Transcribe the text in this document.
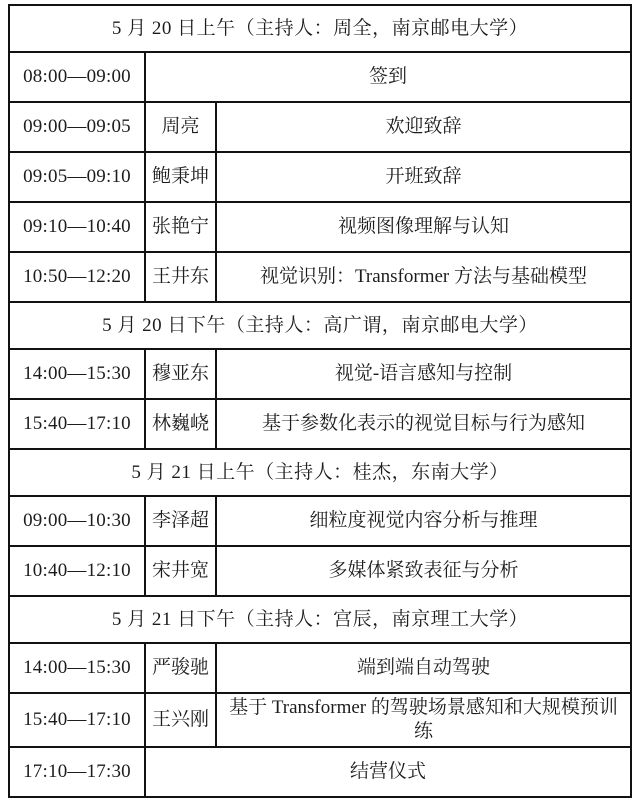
5 月 20 日上午（主持人：周全，南京邮电大学）		
08:00—09:00	签到	
09:00—09:05	周亮	欢迎致辞
09:05—09:10	鲍秉坤	开班致辞
09:10—10:40	张艳宁	视频图像理解与认知
10:50—12:20	王井东	视觉识别：Transformer 方法与基础模型
5 月 20 日下午（主持人：高广谓，南京邮电大学）		
14:00—15:30	穆亚东	视觉-语言感知与控制
15:40—17:10	林巍峣	基于参数化表示的视觉目标与行为感知
5 月 21 日上午（主持人：桂杰，东南大学）		
09:00—10:30	李泽超	细粒度视觉内容分析与推理
10:40—12:10	宋井宽	多媒体紧致表征与分析
5 月 21 日下午（主持人：宫辰，南京理工大学）		
14:00—15:30	严骏驰	端到端自动驾驶
15:40—17:10	王兴刚	基于 Transformer 的驾驶场景感知和大规模预训练
17:10—17:30	结营仪式	
